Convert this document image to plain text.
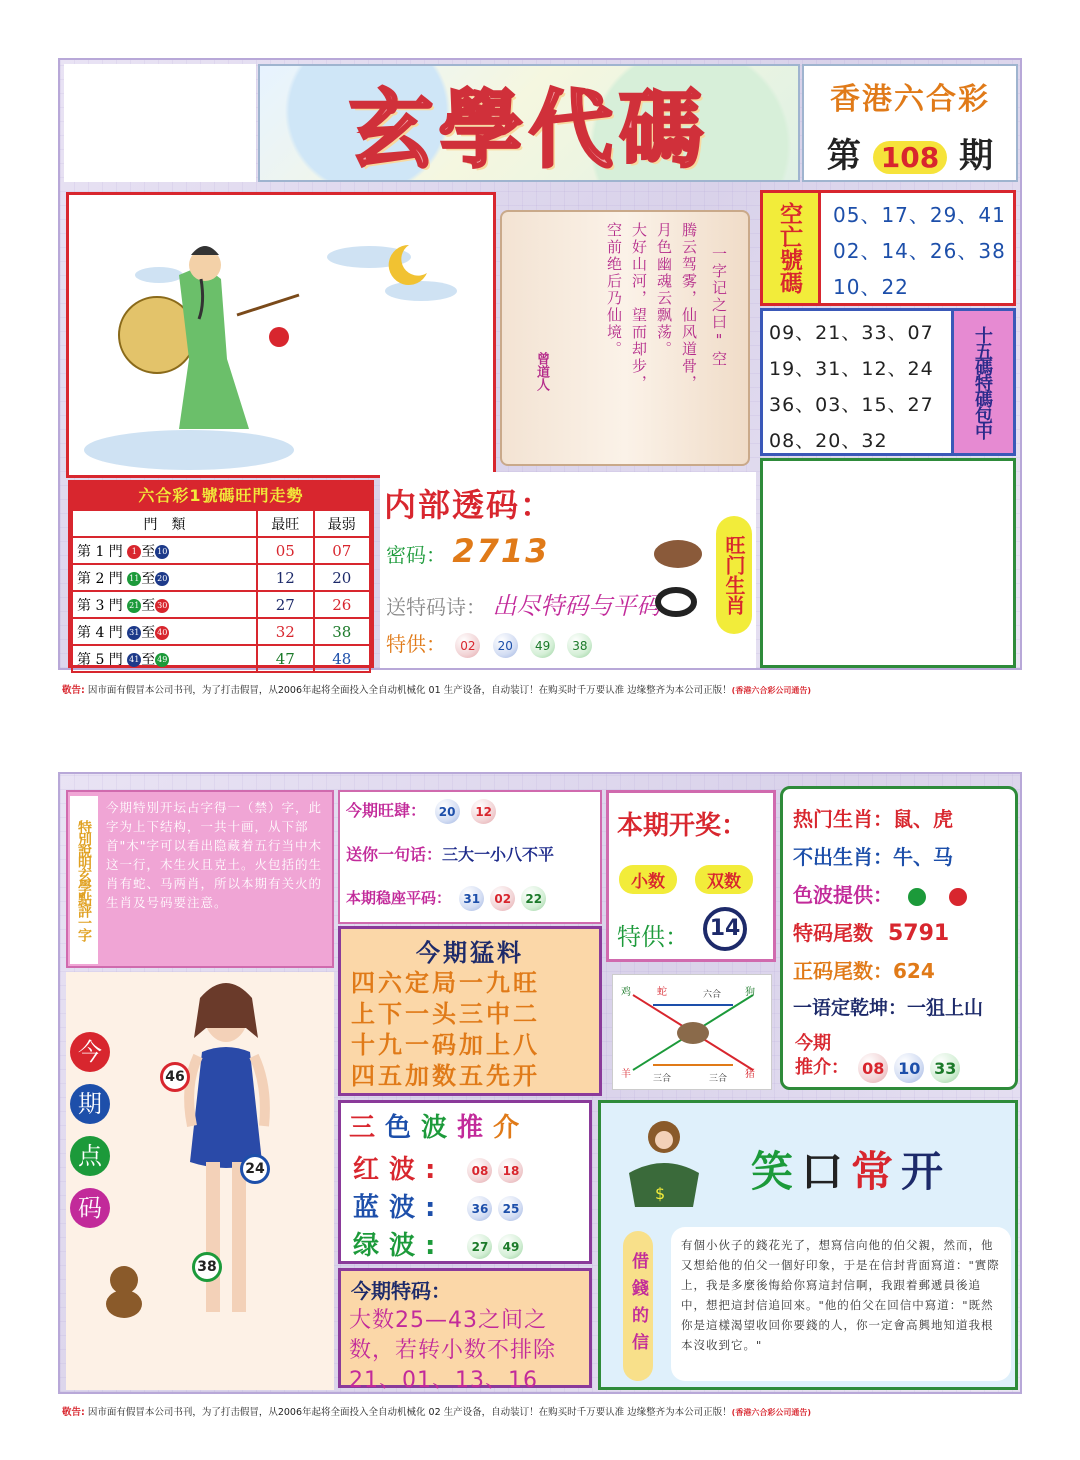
玄學代碼	香港六合彩
第 108 期
一字记之曰"空
腾云驾雾，仙风道骨，
月色幽魂云飘荡。
大好山河，望而却步，
空前绝后乃仙境。
曾道人
空亡號碼	05、17、29、41
02、14、26、38
10、22
09、21、33、07
19、31、12、24
36、03、15、27
08、20、32
十五碼特碼包中
六合彩1號碼旺門走勢
門　類	最旺	最弱
第 1 門 1 至 10	05	07
第 2 門 11 至 20	12	20
第 3 門 21 至 30	27	26
第 4 門 31 至 40	32	38
第 5 門 41 至 49	47	48
内部透码：
密码： 2713
送特码诗： 出尽特码与平码
特供： 02 20 49 38
旺门生肖
敬告: 因市面有假冒本公司书刊，为了打击假冒，从2006年起将全面投入全自动机械化 01 生产设备，自动装订！在购买时千万要认准 边缘整齐为本公司正版！(香港六合彩公司通告)
特別說明玄學點評一字
今期特別开坛占字得一（禁）字，此字为上下结构，一共十画，从下部首"木"字可以看出隐藏着五行当中木这一行，木生火且克土。火包括的生肖有蛇、马两肖，所以本期有关火的生肖及号码要注意。
今期旺肆： 20 12
送你一句话：三大一小八不平
本期稳座平码： 31 02 22
本期开奖：
小数	双数
特供： 14
热门生肖：鼠、虎
不出生肖：牛、马
色波提供：
特码尾数 5791
正码尾数：624
一语定乾坤：一狙上山
今期
推介： 08 10 33
今期猛料
四六定局一九旺
上下一头三中二
十九一码加上八
四五加数五先开
鸡	蛇	六合 狗
羊 三合	三合 猪
今
期
点
码
46
24
38
三色波推介
红波: 08 18
蓝波: 36 25
绿波: 27 49
今期特码：
大数25—43之间之数，若转小数不排除21、01、13、16
$ 笑口常开
借錢的信
有個小伙子的錢花光了，想寫信向他的伯父親，然而，他又想給他的伯父一個好印象，于是在信封背面寫道："實際上，我是多麼後悔給你寫這封信啊，我跟着郵遞員後追中，想把這封信追回來。"他的伯父在回信中寫道："既然你是這樣渴望收回你要錢的人，你一定會高興地知道我根本沒收到它。"
敬告: 因市面有假冒本公司书刊，为了打击假冒，从2006年起将全面投入全自动机械化 02 生产设备，自动装订！在购买时千万要认准 边缘整齐为本公司正版！(香港六合彩公司通告)
